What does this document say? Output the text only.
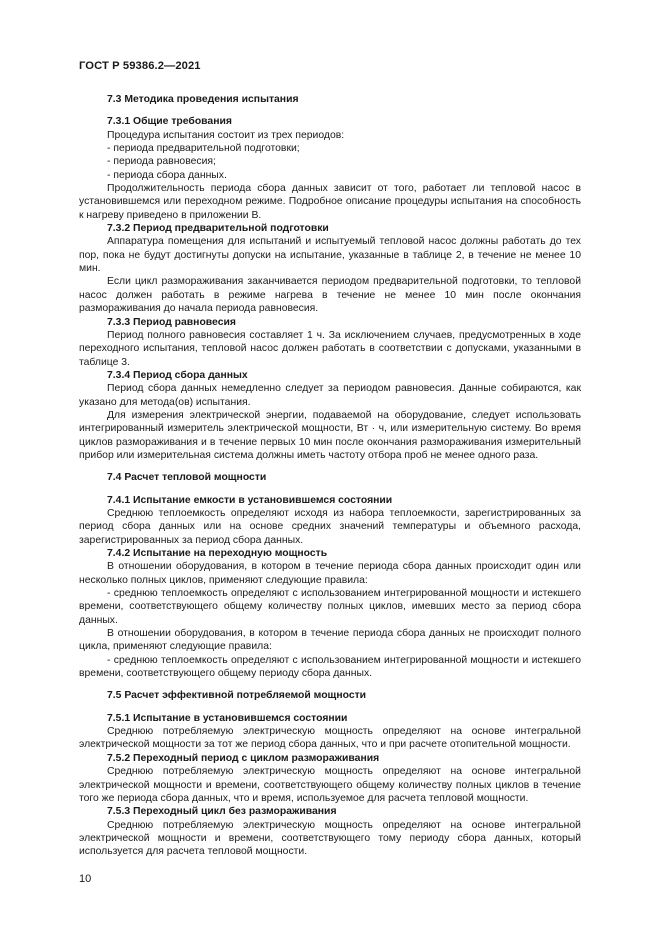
ГОСТ Р 59386.2—2021

7.3 Методика проведения испытания

7.3.1 Общие требования

Процедура испытания состоит из трех периодов:

- периода предварительной подготовки;

- периода равновесия;

- периода сбора данных.

Продолжительность периода сбора данных зависит от того, работает ли тепловой насос в установившемся или переходном режиме. Подробное описание процедуры испытания на способность к нагреву приведено в приложении В.

7.3.2 Период предварительной подготовки

Аппаратура помещения для испытаний и испытуемый тепловой насос должны работать до тех пор, пока не будут достигнуты допуски на испытание, указанные в таблице 2, в течение не менее 10 мин.

Если цикл размораживания заканчивается периодом предварительной подготовки, то тепловой насос должен работать в режиме нагрева в течение не менее 10 мин после окончания размораживания до начала периода равновесия.

7.3.3 Период равновесия

Период полного равновесия составляет 1 ч. За исключением случаев, предусмотренных в ходе переходного испытания, тепловой насос должен работать в соответствии с допусками, указанными в таблице 3.

7.3.4 Период сбора данных

Период сбора данных немедленно следует за периодом равновесия. Данные собираются, как указано для метода(ов) испытания.

Для измерения электрической энергии, подаваемой на оборудование, следует использовать интегрированный измеритель электрической мощности, Вт · ч, или измерительную систему. Во время циклов размораживания и в течение первых 10 мин после окончания размораживания измерительный прибор или измерительная система должны иметь частоту отбора проб не менее одного раза.

7.4 Расчет тепловой мощности

7.4.1 Испытание емкости в установившемся состоянии

Среднюю теплоемкость определяют исходя из набора теплоемкости, зарегистрированных за период сбора данных или на основе средних значений температуры и объемного расхода, зарегистрированных за период сбора данных.

7.4.2 Испытание на переходную мощность

В отношении оборудования, в котором в течение периода сбора данных происходит один или несколько полных циклов, применяют следующие правила:

- среднюю теплоемкость определяют с использованием интегрированной мощности и истекшего времени, соответствующего общему количеству полных циклов, имевших место за период сбора данных.

В отношении оборудования, в котором в течение периода сбора данных не происходит полного цикла, применяют следующие правила:

- среднюю теплоемкость определяют с использованием интегрированной мощности и истекшего времени, соответствующего общему периоду сбора данных.

7.5 Расчет эффективной потребляемой мощности

7.5.1 Испытание в установившемся состоянии

Среднюю потребляемую электрическую мощность определяют на основе интегральной электрической мощности за тот же период сбора данных, что и при расчете отопительной мощности.

7.5.2 Переходный период с циклом размораживания

Среднюю потребляемую электрическую мощность определяют на основе интегральной электрической мощности и времени, соответствующего общему количеству полных циклов в течение того же периода сбора данных, что и время, используемое для расчета тепловой мощности.

7.5.3 Переходный цикл без размораживания

Среднюю потребляемую электрическую мощность определяют на основе интегральной электрической мощности и времени, соответствующего тому периоду сбора данных, который используется для расчета тепловой мощности.

10
